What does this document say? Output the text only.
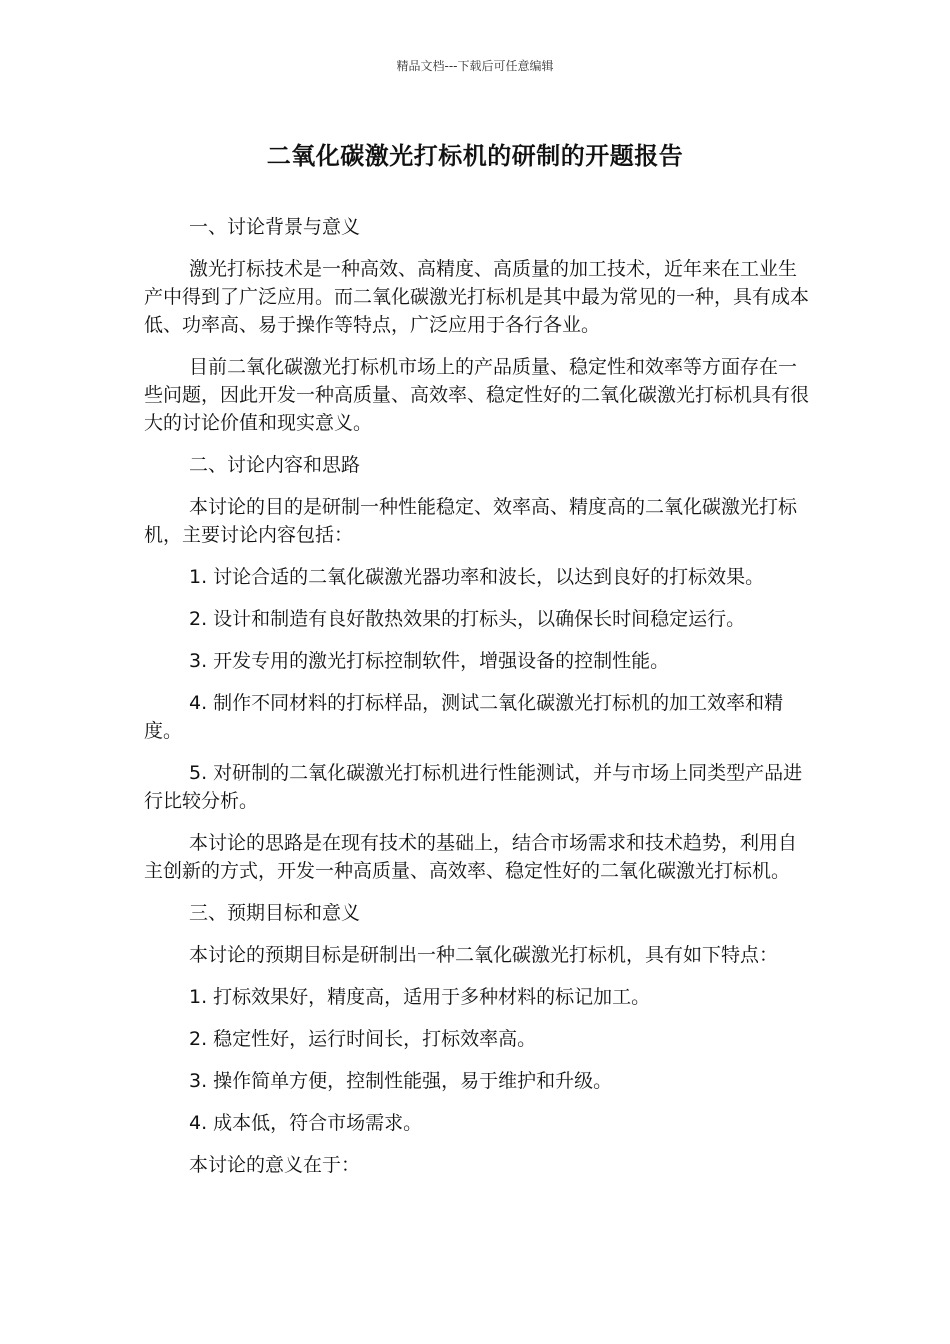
精品文档---下载后可任意编辑
二氧化碳激光打标机的研制的开题报告

一、讨论背景与意义

激光打标技术是一种高效、高精度、高质量的加工技术，近年来在工业生产中得到了广泛应用。而二氧化碳激光打标机是其中最为常见的一种，具有成本低、功率高、易于操作等特点，广泛应用于各行各业。

目前二氧化碳激光打标机市场上的产品质量、稳定性和效率等方面存在一些问题，因此开发一种高质量、高效率、稳定性好的二氧化碳激光打标机具有很大的讨论价值和现实意义。

二、讨论内容和思路

本讨论的目的是研制一种性能稳定、效率高、精度高的二氧化碳激光打标机，主要讨论内容包括：

1. 讨论合适的二氧化碳激光器功率和波长，以达到良好的打标效果。

2. 设计和制造有良好散热效果的打标头，以确保长时间稳定运行。

3. 开发专用的激光打标控制软件，增强设备的控制性能。

4. 制作不同材料的打标样品，测试二氧化碳激光打标机的加工效率和精度。

5. 对研制的二氧化碳激光打标机进行性能测试，并与市场上同类型产品进行比较分析。

本讨论的思路是在现有技术的基础上，结合市场需求和技术趋势，利用自主创新的方式，开发一种高质量、高效率、稳定性好的二氧化碳激光打标机。

三、预期目标和意义

本讨论的预期目标是研制出一种二氧化碳激光打标机，具有如下特点：

1. 打标效果好，精度高，适用于多种材料的标记加工。

2. 稳定性好，运行时间长，打标效率高。

3. 操作简单方便，控制性能强，易于维护和升级。

4. 成本低，符合市场需求。

本讨论的意义在于：
